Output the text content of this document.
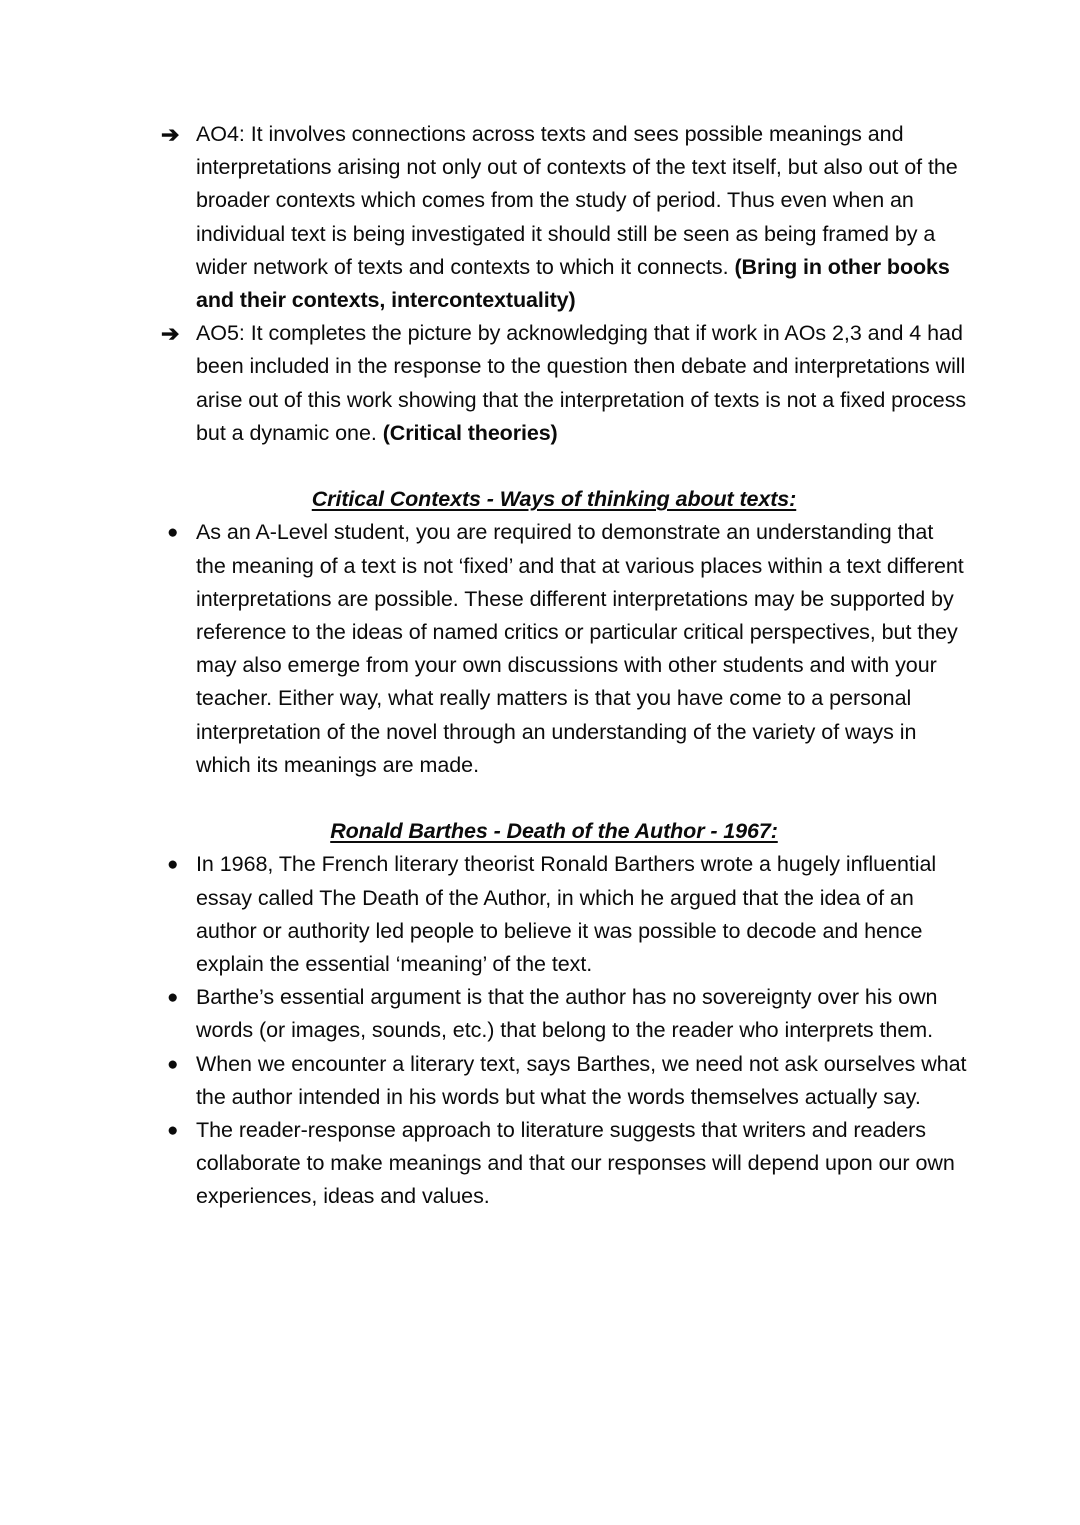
➔ AO4: It involves connections across texts and sees possible meanings and interpretations arising not only out of contexts of the text itself, but also out of the broader contexts which comes from the study of period. Thus even when an individual text is being investigated it should still be seen as being framed by a wider network of texts and contexts to which it connects. (Bring in other books and their contexts, intercontextuality)
➔ AO5: It completes the picture by acknowledging that if work in AOs 2,3 and 4 had been included in the response to the question then debate and interpretations will arise out of this work showing that the interpretation of texts is not a fixed process but a dynamic one. (Critical theories)
Critical Contexts - Ways of thinking about texts:
● As an A-Level student, you are required to demonstrate an understanding that the meaning of a text is not ‘fixed’ and that at various places within a text different interpretations are possible. These different interpretations may be supported by reference to the ideas of named critics or particular critical perspectives, but they may also emerge from your own discussions with other students and with your teacher. Either way, what really matters is that you have come to a personal interpretation of the novel through an understanding of the variety of ways in which its meanings are made.
Ronald Barthes - Death of the Author - 1967:
● In 1968, The French literary theorist Ronald Barthers wrote a hugely influential essay called The Death of the Author, in which he argued that the idea of an author or authority led people to believe it was possible to decode and hence explain the essential ‘meaning’ of the text.
● Barthe’s essential argument is that the author has no sovereignty over his own words (or images, sounds, etc.) that belong to the reader who interprets them.
● When we encounter a literary text, says Barthes, we need not ask ourselves what the author intended in his words but what the words themselves actually say.
● The reader-response approach to literature suggests that writers and readers collaborate to make meanings and that our responses will depend upon our own experiences, ideas and values.
